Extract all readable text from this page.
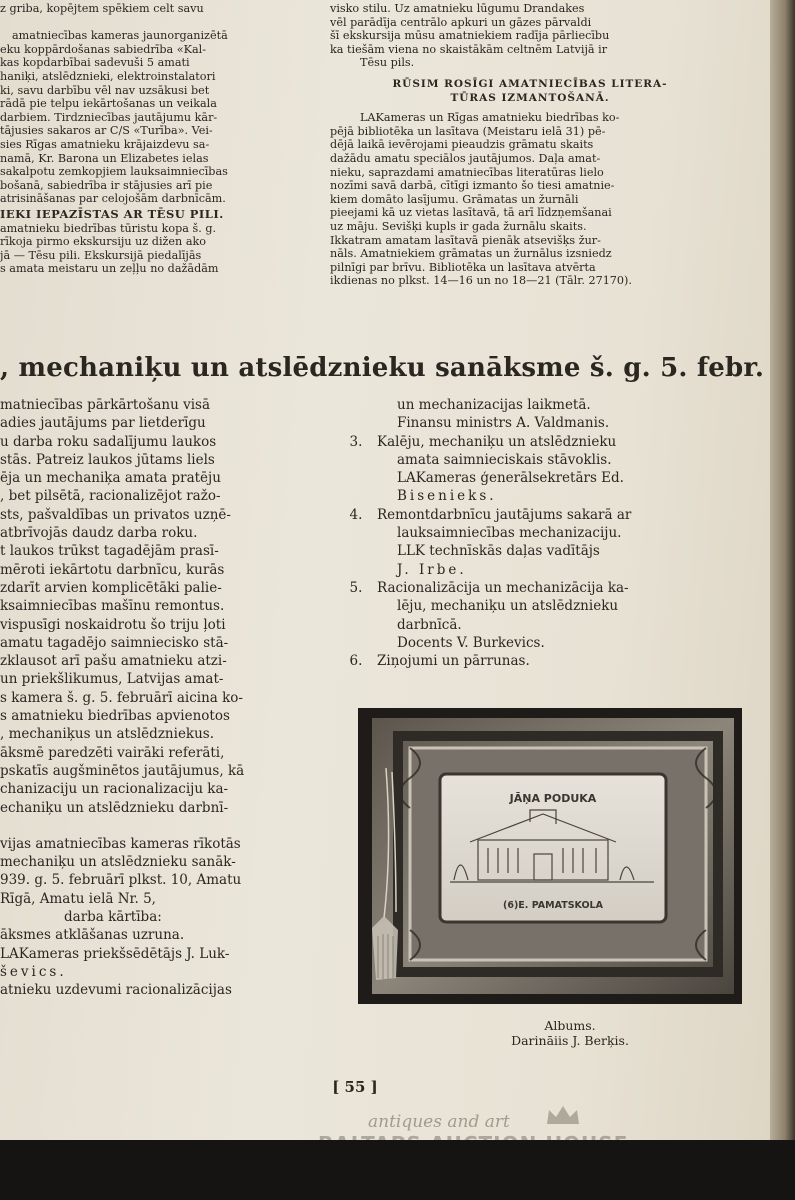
z griba, kopējtem spēkiem celt savu

amatniecības kameras jaunorganizētā
eku koppārdošanas sabiedrība «Kal-
kas kopdarbībai sadevuši 5 amati
haniķi, atslēdznieki, elektroinstalatori
ki, savu darbību vēl nav uzsākusi bet
rādā pie telpu iekārtošanas un veikala
darbiem. Tirdzniecības jautājumu kār-
tājusies sakaros ar C/S «Turība». Vei-
sies Rīgas amatnieku krājaizdevu sa-
namā, Kr. Barona un Elizabetes ielas
sakalpotu zemkopjiem lauksaimniecības
bošanā, sabiedrība ir stājusies arī pie
atrisināšanas par celojošām darbnīcām.
IEKI IEPAZĪSTAS AR TĒSU PILI.
amatnieku biedrības tūristu kopa š. g.
rīkoja pirmo ekskursiju uz dižen ako
jā — Tēsu pili. Ekskursijā piedalījās
s amata meistaru un zeļļu no dažādām
visko stilu. Uz amatnieku lūgumu Drandakes
vēl parādīja centrālo apkuri un gāzes pārvaldi
šī ekskursija mūsu amatniekiem radīja pārliecību
ka tiešām viena no skaistākām celtnēm Latvijā ir
Tēsu pils.
RŪSIM ROSĪGI AMATNIECĪBAS LITERA-
TŪRAS IZMANTOŠANĀ.
LAKameras un Rīgas amatnieku biedrības ko-
pējā bibliotēka un lasītava (Meistaru ielā 31) pē-
dējā laikā ievērojami pieaudzis grāmatu skaits
dažādu amatu speciālos jautājumos. Daļa amat-
nieku, saprazdami amatniecības literatūras lielo
nozīmi savā darbā, cītīgi izmanto šo tiesi amatnie-
kiem domāto lasījumu. Grāmatas un žurnāli
pieejami kā uz vietas lasītavā, tā arī līdzņemšanai
uz māju. Sevišķi kupls ir gada žurnālu skaits.
Ikkatram amatam lasītavā pienāk atsevišķs žur-
nāls. Amatniekiem grāmatas un žurnālus izsniedz
pilnīgi par brīvu. Bibliotēka un lasītava atvērta
ikdienas no plkst. 14—16 un no 18—21 (Tālr. 27170).
, mechaniķu un atslēdznieku sanāksme š. g. 5. febr.
matniecības pārkārtošanu visā
adies jautājums par lietderīgu
u darba roku sadalījumu laukos
stās. Patreiz laukos jūtams liels
ēja un mechaniķa amata pratēju
, bet pilsētā, racionalizējot ražo-
sts, pašvaldības un privatos uzņē-
atbrīvojās daudz darba roku.
t laukos trūkst tagadējām prasī-
mēroti iekārtotu darbnīcu, kurās
zdarīt arvien komplicētāki palie-
ksaimniecības mašīnu remontus.
vispusīgi noskaidrotu šo triju ļoti
amatu tagadējo saimniecisko stā-
zklausot arī pašu amatnieku atzi-
un priekšlikumus, Latvijas amat-
s kamera š. g. 5. februārī aicina ko-
s amatnieku biedrības apvienotos
, mechaniķus un atslēdzniekus.
āksmē paredzēti vairāki referāti,
pskatīs augšminētos jautājumus, kā
chanizaciju un racionalizaciju ka-
echaniķu un atslēdznieku darbnī-
vijas amatniecības kameras rīkotās
mechaniķu un atslēdznieku sanāk-
939. g. 5. februārī plkst. 10, Amatu
Rīgā, Amatu ielā Nr. 5,
darba kārtība:
āksmes atklāšanas uzruna.
LAKameras priekšsēdētājs J. Luk-
ševics.
atnieku uzdevumi racionalizācijas
un mechanizacijas laikmetā.
Finansu ministrs A. Valdmanis.
3. Kalēju, mechaniķu un atslēdznieku
amata saimnieciskais stāvoklis.
LAKameras ģenerālsekretārs Ed.
Bisenieks.
4. Remontdarbnīcu jautājums sakarā ar
lauksaimniecības mechanizaciju.
LLK technīskās daļas vadītājs
J. Irbe.
5. Racionalizācija un mechanizācija ka-
lēju, mechaniķu un atslēdznieku
darbnīcā.
Docents V. Burkevics.
6. Ziņojumi un pārrunas.
JĀŅA PODUKA
(6)E. PAMATSKOLA
Albums.
Darināiis J. Berķis.
[ 55 ]
antiques and art
